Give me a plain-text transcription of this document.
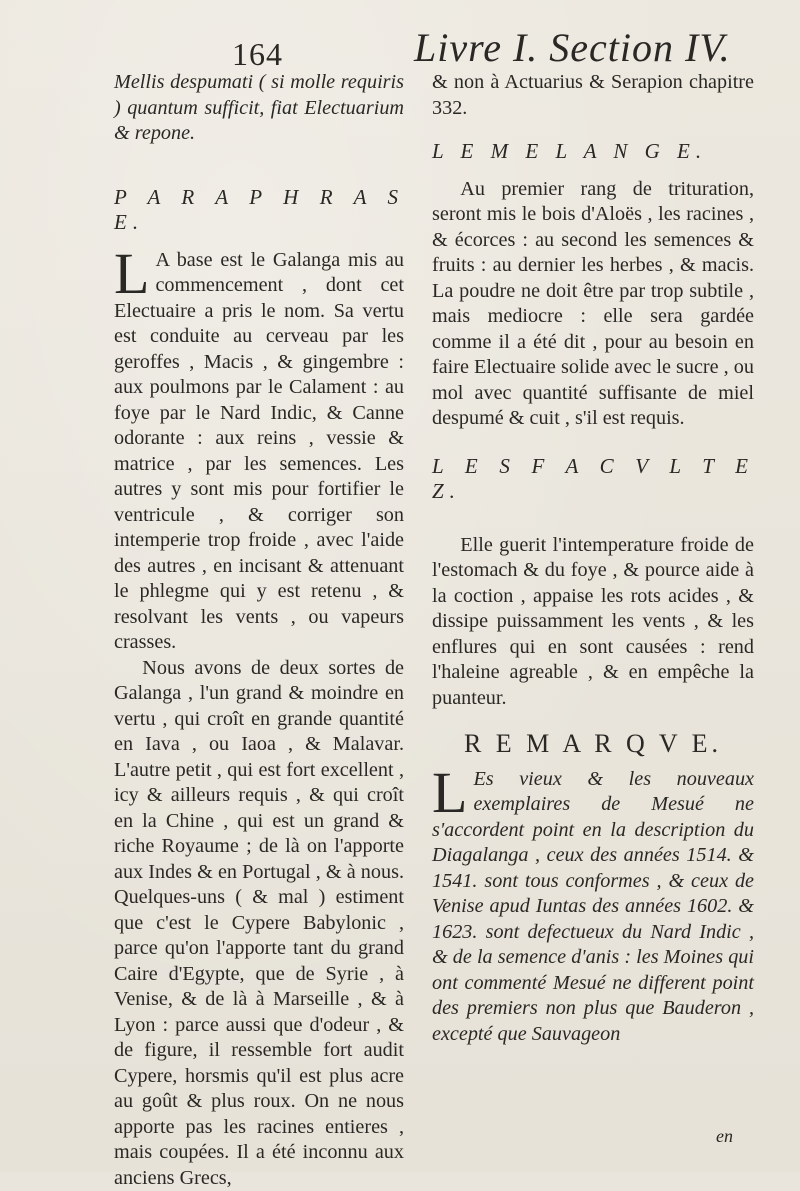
164	Livre I. Section IV.
Mellis despumati ( si molle requiris ) quantum sufficit, fiat Electuarium & repone.
P A R A P H R A S E.

L A base est le Galanga mis au commencement , dont cet Electuaire a pris le nom. Sa vertu est conduite au cerveau par les geroffes , Macis , & gingembre : aux poulmons par le Calament : au foye par le Nard Indic, & Canne odorante : aux reins , vessie & matrice , par les semences. Les autres y sont mis pour fortifier le ventricule , & corriger son intemperie trop froide , avec l'aide des autres , en incisant & attenuant le phlegme qui y est retenu , & resolvant les vents , ou vapeurs crasses.

Nous avons de deux sortes de Galanga , l'un grand & moindre en vertu , qui croît en grande quantité en Iava , ou Iaoa , & Malavar. L'autre petit , qui est fort excellent , icy & ailleurs requis , & qui croît en la Chine , qui est un grand & riche Royaume ; de là on l'apporte aux Indes & en Portugal , & à nous. Quelques-uns ( & mal ) estiment que c'est le Cypere Babylonic , parce qu'on l'apporte tant du grand Caire d'Egypte, que de Syrie , à Venise, & de là à Marseille , & à Lyon : parce aussi que d'odeur , & de figure, il ressemble fort audit Cypere, horsmis qu'il est plus acre au goût & plus roux. On ne nous apporte pas les racines entieres , mais coupées. Il a été inconnu aux anciens Grecs,

& non à Actuarius & Serapion chapitre 332.
L E M E L A N G E.

Au premier rang de trituration, seront mis le bois d'Aloës , les racines , & écorces : au second les semences & fruits : au dernier les herbes , & macis. La poudre ne doit être par trop subtile , mais mediocre : elle sera gardée comme il a été dit , pour au besoin en faire Electuaire solide avec le sucre , ou mol avec quantité suffisante de miel despumé & cuit , s'il est requis.

L E S F A C V L T E Z.

Elle guerit l'intemperature froide de l'estomach & du foye , & pource aide à la coction , appaise les rots acides , & dissipe puissamment les vents , & les enflures qui en sont causées : rend l'haleine agreable , & en empêche la puanteur.

R E M A R Q V E.

L Es vieux & les nouveaux exemplaires de Mesué ne s'accordent point en la description du Diagalanga , ceux des années 1514. & 1541. sont tous conformes , & ceux de Venise apud Iuntas des années 1602. & 1623. sont defectueux du Nard Indic , & de la semence d'anis : les Moines qui ont commenté Mesué ne different point des premiers non plus que Bauderon , excepté que Sauvageon

en
